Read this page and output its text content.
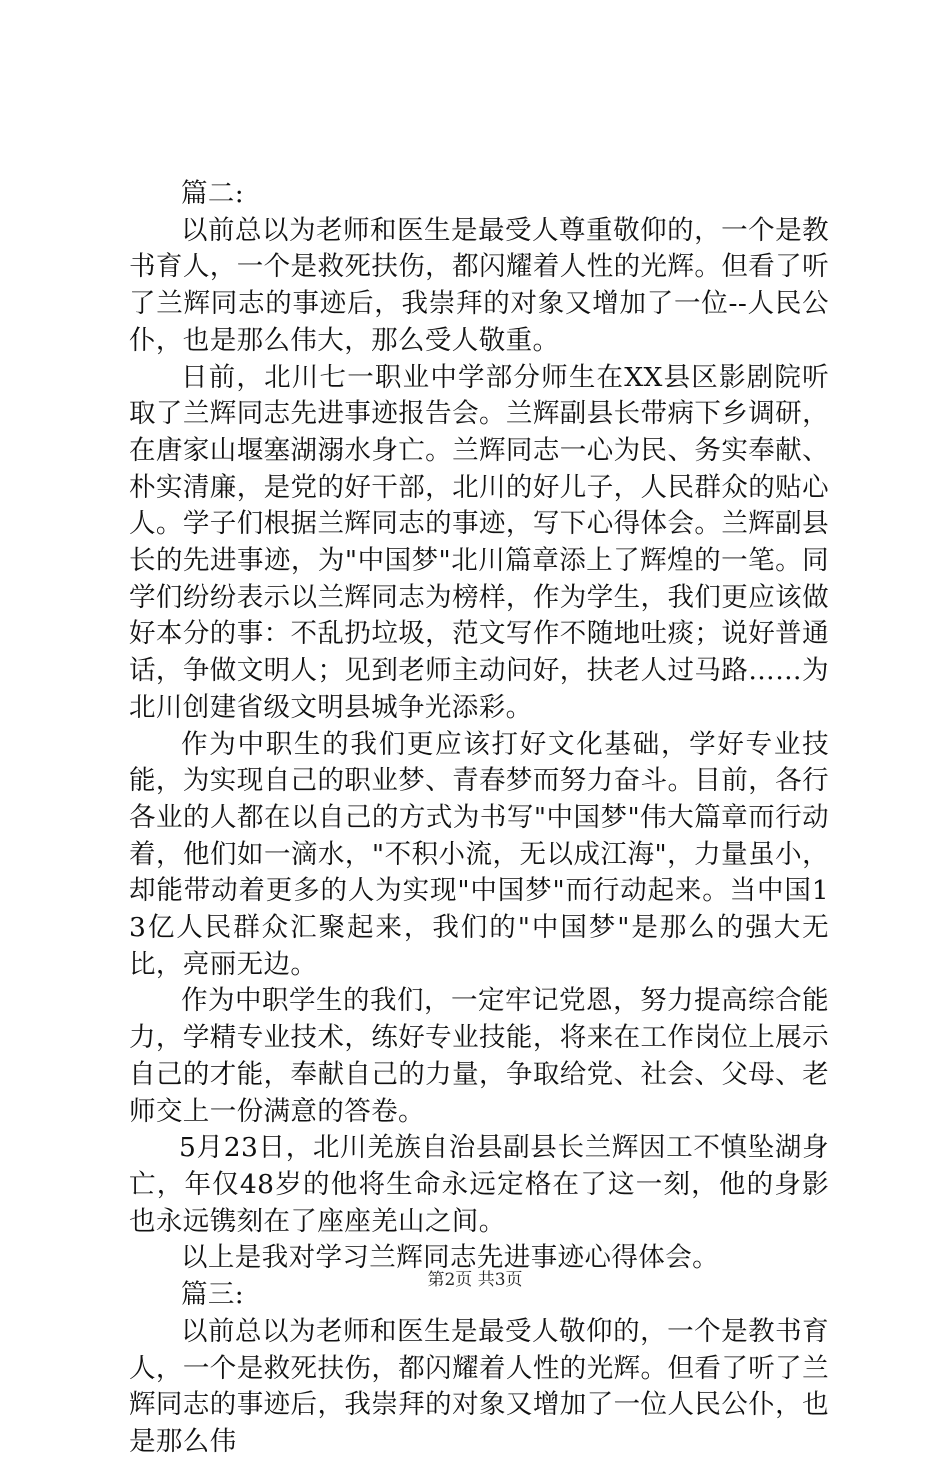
篇二:

以前总以为老师和医生是最受人尊重敬仰的，一个是教书育人，一个是救死扶伤，都闪耀着人性的光辉。但看了听了兰辉同志的事迹后，我崇拜的对象又增加了一位--人民公仆，也是那么伟大，那么受人敬重。

日前，北川七一职业中学部分师生在XX县区影剧院听取了兰辉同志先进事迹报告会。兰辉副县长带病下乡调研，在唐家山堰塞湖溺水身亡。兰辉同志一心为民、务实奉献、朴实清廉，是党的好干部，北川的好儿子，人民群众的贴心人。学子们根据兰辉同志的事迹，写下心得体会。兰辉副县长的先进事迹，为"中国梦"北川篇章添上了辉煌的一笔。同学们纷纷表示以兰辉同志为榜样，作为学生，我们更应该做好本分的事：不乱扔垃圾，范文写作不随地吐痰；说好普通话，争做文明人；见到老师主动问好，扶老人过马路……为北川创建省级文明县城争光添彩。

作为中职生的我们更应该打好文化基础，学好专业技能，为实现自己的职业梦、青春梦而努力奋斗。目前，各行各业的人都在以自己的方式为书写"中国梦"伟大篇章而行动着，他们如一滴水，"不积小流，无以成江海"，力量虽小，却能带动着更多的人为实现"中国梦"而行动起来。当中国13亿人民群众汇聚起来，我们的"中国梦"是那么的强大无比，亮丽无边。

作为中职学生的我们，一定牢记党恩，努力提高综合能力，学精专业技术，练好专业技能，将来在工作岗位上展示自己的才能，奉献自己的力量，争取给党、社会、父母、老师交上一份满意的答卷。

5月23日，北川羌族自治县副县长兰辉因工不慎坠湖身亡，年仅48岁的他将生命永远定格在了这一刻，他的身影也永远镌刻在了座座羌山之间。

以上是我对学习兰辉同志先进事迹心得体会。

篇三:

以前总以为老师和医生是最受人敬仰的，一个是教书育人，一个是救死扶伤，都闪耀着人性的光辉。但看了听了兰辉同志的事迹后，我崇拜的对象又增加了一位人民公仆，也是那么伟

第2页 共3页
